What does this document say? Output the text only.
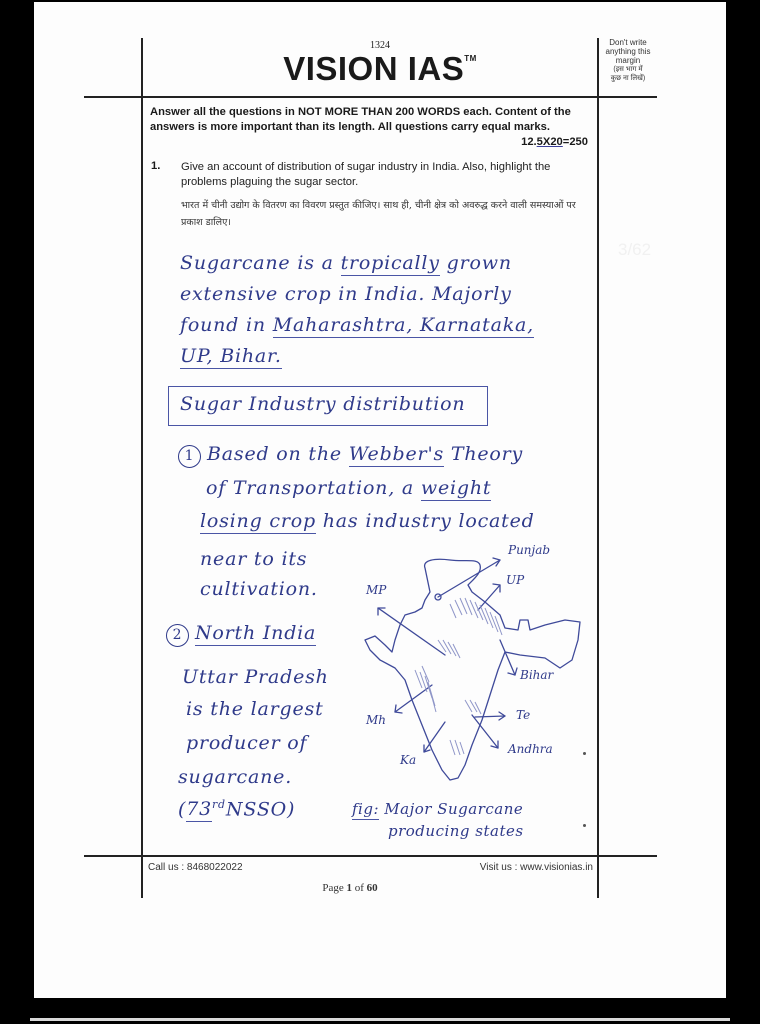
1324
VISION IAS™
Don't write
anything this
margin
(इस भाग में
कुछ ना लिखें)
Answer all the questions in NOT MORE THAN 200 WORDS each. Content of the answers is more important than its length. All questions carry equal marks.
12.5X20=250
1. Give an account of distribution of sugar industry in India. Also, highlight the problems plaguing the sugar sector.
भारत में चीनी उद्योग के वितरण का विवरण प्रस्तुत कीजिए। साथ ही, चीनी क्षेत्र को अवरुद्ध करने वाली समस्याओं पर प्रकाश डालिए।
3/62
Sugarcane is a tropically grown
extensive crop in India. Majorly
found in Maharashtra, Karnataka,
UP, Bihar.
Sugar Industry distribution
1 Based on the Webber's Theory
of Transportation, a weight
losing crop has industry located
near to its
cultivation.
2 North India
Uttar Pradesh
is the largest
producer of
sugarcane.
(73rdNSSO)
Punjab
UP
MP
Bihar
Mh	Te
Ka
Andhra
fig: Major Sugarcane
producing states
Call us : 8468022022	Visit us : www.visionias.in
Page 1 of 60
